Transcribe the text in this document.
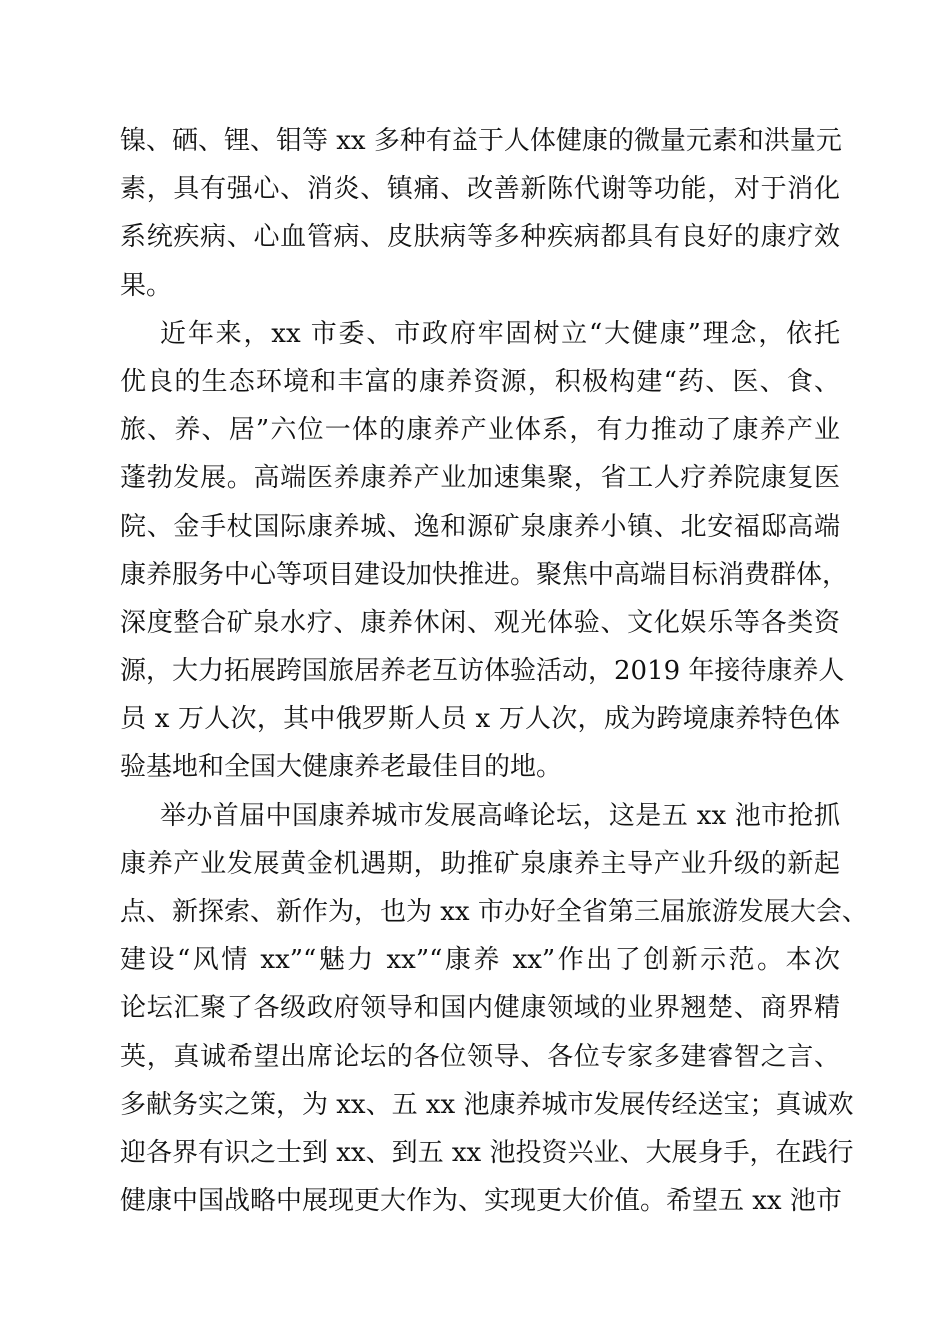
镍、硒、锂、钼等 xx 多种有益于人体健康的微量元素和洪量元
素，具有强心、消炎、镇痛、改善新陈代谢等功能，对于消化
系统疾病、心血管病、皮肤病等多种疾病都具有良好的康疗效
果。
近年来，xx 市委、市政府牢固树立“大健康”理念，依托
优良的生态环境和丰富的康养资源，积极构建“药、医、食、
旅、养、居”六位一体的康养产业体系，有力推动了康养产业
蓬勃发展。高端医养康养产业加速集聚，省工人疗养院康复医
院、金手杖国际康养城、逸和源矿泉康养小镇、北安福邸高端
康养服务中心等项目建设加快推进。聚焦中高端目标消费群体，
深度整合矿泉水疗、康养休闲、观光体验、文化娱乐等各类资
源，大力拓展跨国旅居养老互访体验活动，2019 年接待康养人
员 x 万人次，其中俄罗斯人员 x 万人次，成为跨境康养特色体
验基地和全国大健康养老最佳目的地。
举办首届中国康养城市发展高峰论坛，这是五 xx 池市抢抓
康养产业发展黄金机遇期，助推矿泉康养主导产业升级的新起
点、新探索、新作为，也为 xx 市办好全省第三届旅游发展大会、
建设“风情 xx”“魅力 xx”“康养 xx”作出了创新示范。本次
论坛汇聚了各级政府领导和国内健康领域的业界翘楚、商界精
英，真诚希望出席论坛的各位领导、各位专家多建睿智之言、
多献务实之策，为 xx、五 xx 池康养城市发展传经送宝；真诚欢
迎各界有识之士到 xx、到五 xx 池投资兴业、大展身手，在践行
健康中国战略中展现更大作为、实现更大价值。希望五 xx 池市
